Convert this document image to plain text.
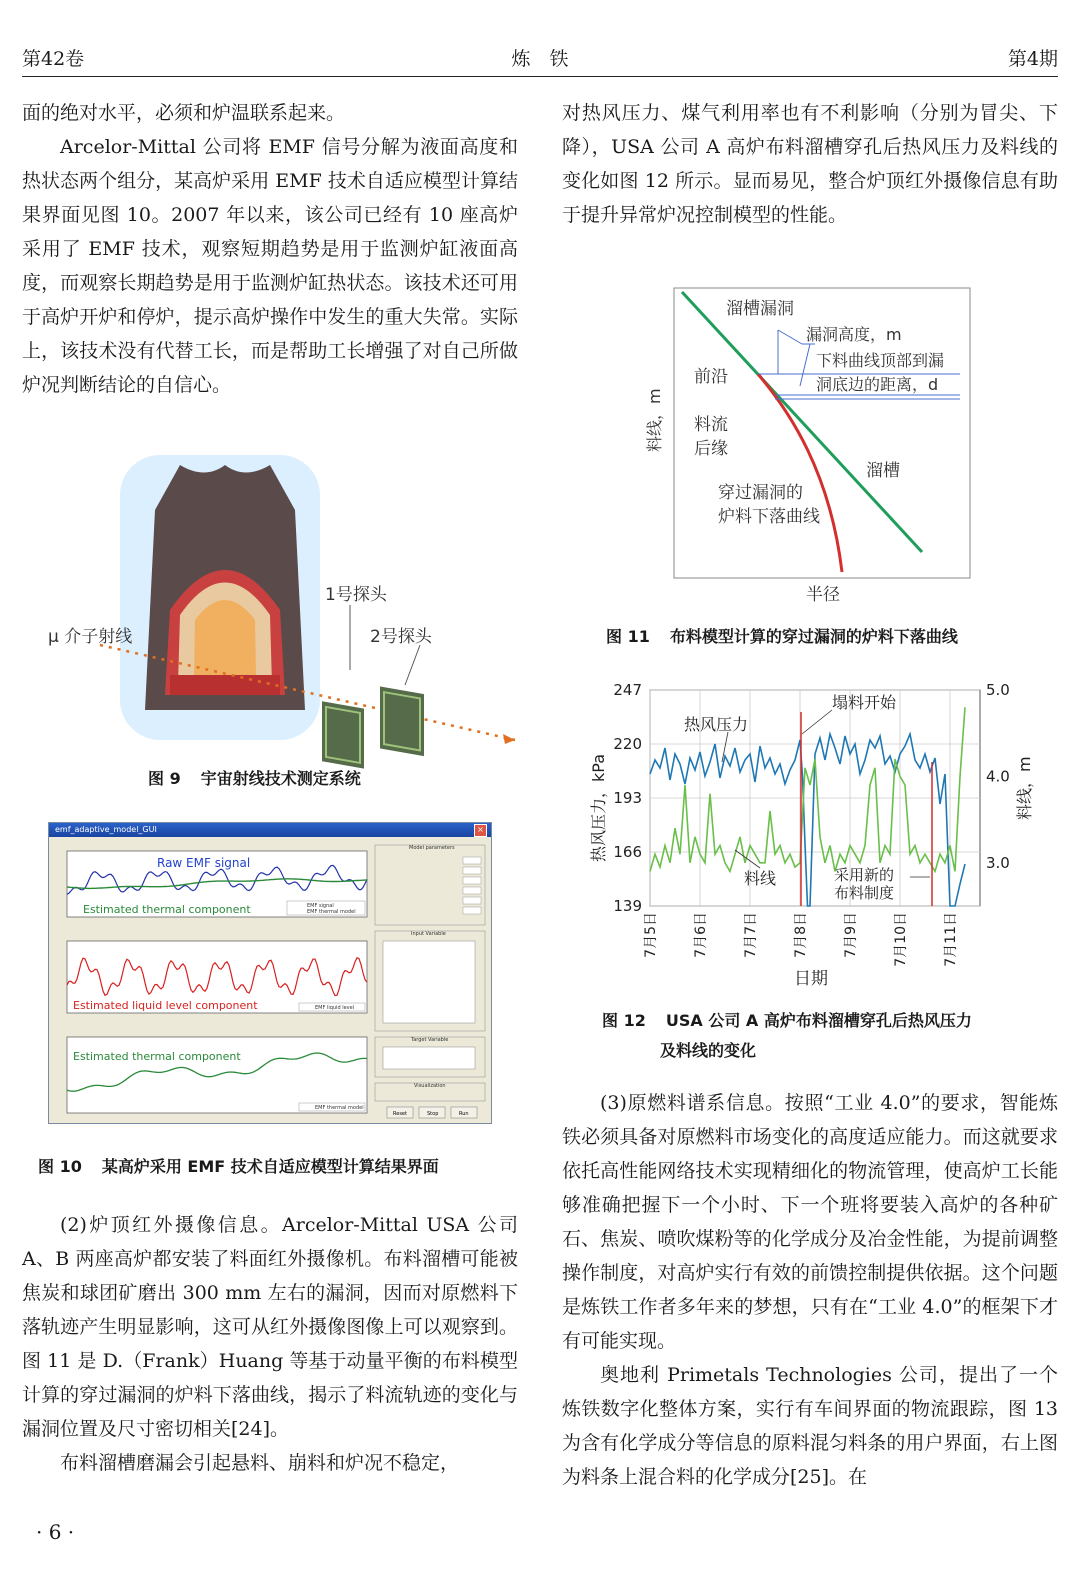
第42卷	炼　铁	第4期

面的绝对水平，必须和炉温联系起来。

Arcelor-Mittal 公司将 EMF 信号分解为液面高度和热状态两个组分，某高炉采用 EMF 技术自适应模型计算结果界面见图 10。2007 年以来，该公司已经有 10 座高炉采用了 EMF 技术，观察短期趋势是用于监测炉缸液面高度，而观察长期趋势是用于监测炉缸热状态。该技术还可用于高炉开炉和停炉，提示高炉操作中发生的重大失常。实际上，该技术没有代替工长，而是帮助工长增强了对自己所做炉况判断结论的自信心。

1号探头
2号探头
μ 介子射线
图 9 宇宙射线技术测定系统
emf_adaptive_model_GUI	×
Raw EMF signal
Estimated thermal component	EMF signal
EMF thermal model
Estimated liquid level component	EMF liquid level
Estimated thermal component
EMF thermal model
Model parameters
Input Variable
Target Variable
Visualization
Reset	Stop	Run
图 10 某高炉采用 EMF 技术自适应模型计算结果界面

(2)炉顶红外摄像信息。Arcelor-Mittal USA 公司 A、B 两座高炉都安装了料面红外摄像机。布料溜槽可能被焦炭和球团矿磨出 300 mm 左右的漏洞，因而对原燃料下落轨迹产生明显影响，这可从红外摄像图像上可以观察到。图 11 是 D.（Frank）Huang 等基于动量平衡的布料模型计算的穿过漏洞的炉料下落曲线，揭示了料流轨迹的变化与漏洞位置及尺寸密切相关[24]。

布料溜槽磨漏会引起悬料、崩料和炉况不稳定，

对热风压力、煤气利用率也有不利影响（分别为冒尖、下降），USA 公司 A 高炉布料溜槽穿孔后热风压力及料线的变化如图 12 所示。显而易见，整合炉顶红外摄像信息有助于提升异常炉况控制模型的性能。

溜槽漏洞
漏洞高度，m
下料曲线顶部到漏
洞底边的距离，d
前沿
料流
后缘
溜槽
穿过漏洞的
炉料下落曲线
料线，m
半径
图 11 布料模型计算的穿过漏洞的炉料下落曲线
247
220
193
166
139
5.0
4.0
3.0
7月5日 7月6日 7月7日 7月8日 7月9日 7月10日 7月11日
塌料开始
热风压力
料线	采用新的
布料制度
热风压力，kPa	料线，m
日期
图 12 USA 公司 A 高炉布料溜槽穿孔后热风压力
及料线的变化

(3)原燃料谱系信息。按照“工业 4.0”的要求，智能炼铁必须具备对原燃料市场变化的高度适应能力。而这就要求依托高性能网络技术实现精细化的物流管理，使高炉工长能够准确把握下一个小时、下一个班将要装入高炉的各种矿石、焦炭、喷吹煤粉等的化学成分及冶金性能，为提前调整操作制度，对高炉实行有效的前馈控制提供依据。这个问题是炼铁工作者多年来的梦想，只有在“工业 4.0”的框架下才有可能实现。

奥地利 Primetals Technologies 公司，提出了一个炼铁数字化整体方案，实行有车间界面的物流跟踪，图 13 为含有化学成分等信息的原料混匀料条的用户界面，右上图为料条上混合料的化学成分[25]。在

· 6 ·
